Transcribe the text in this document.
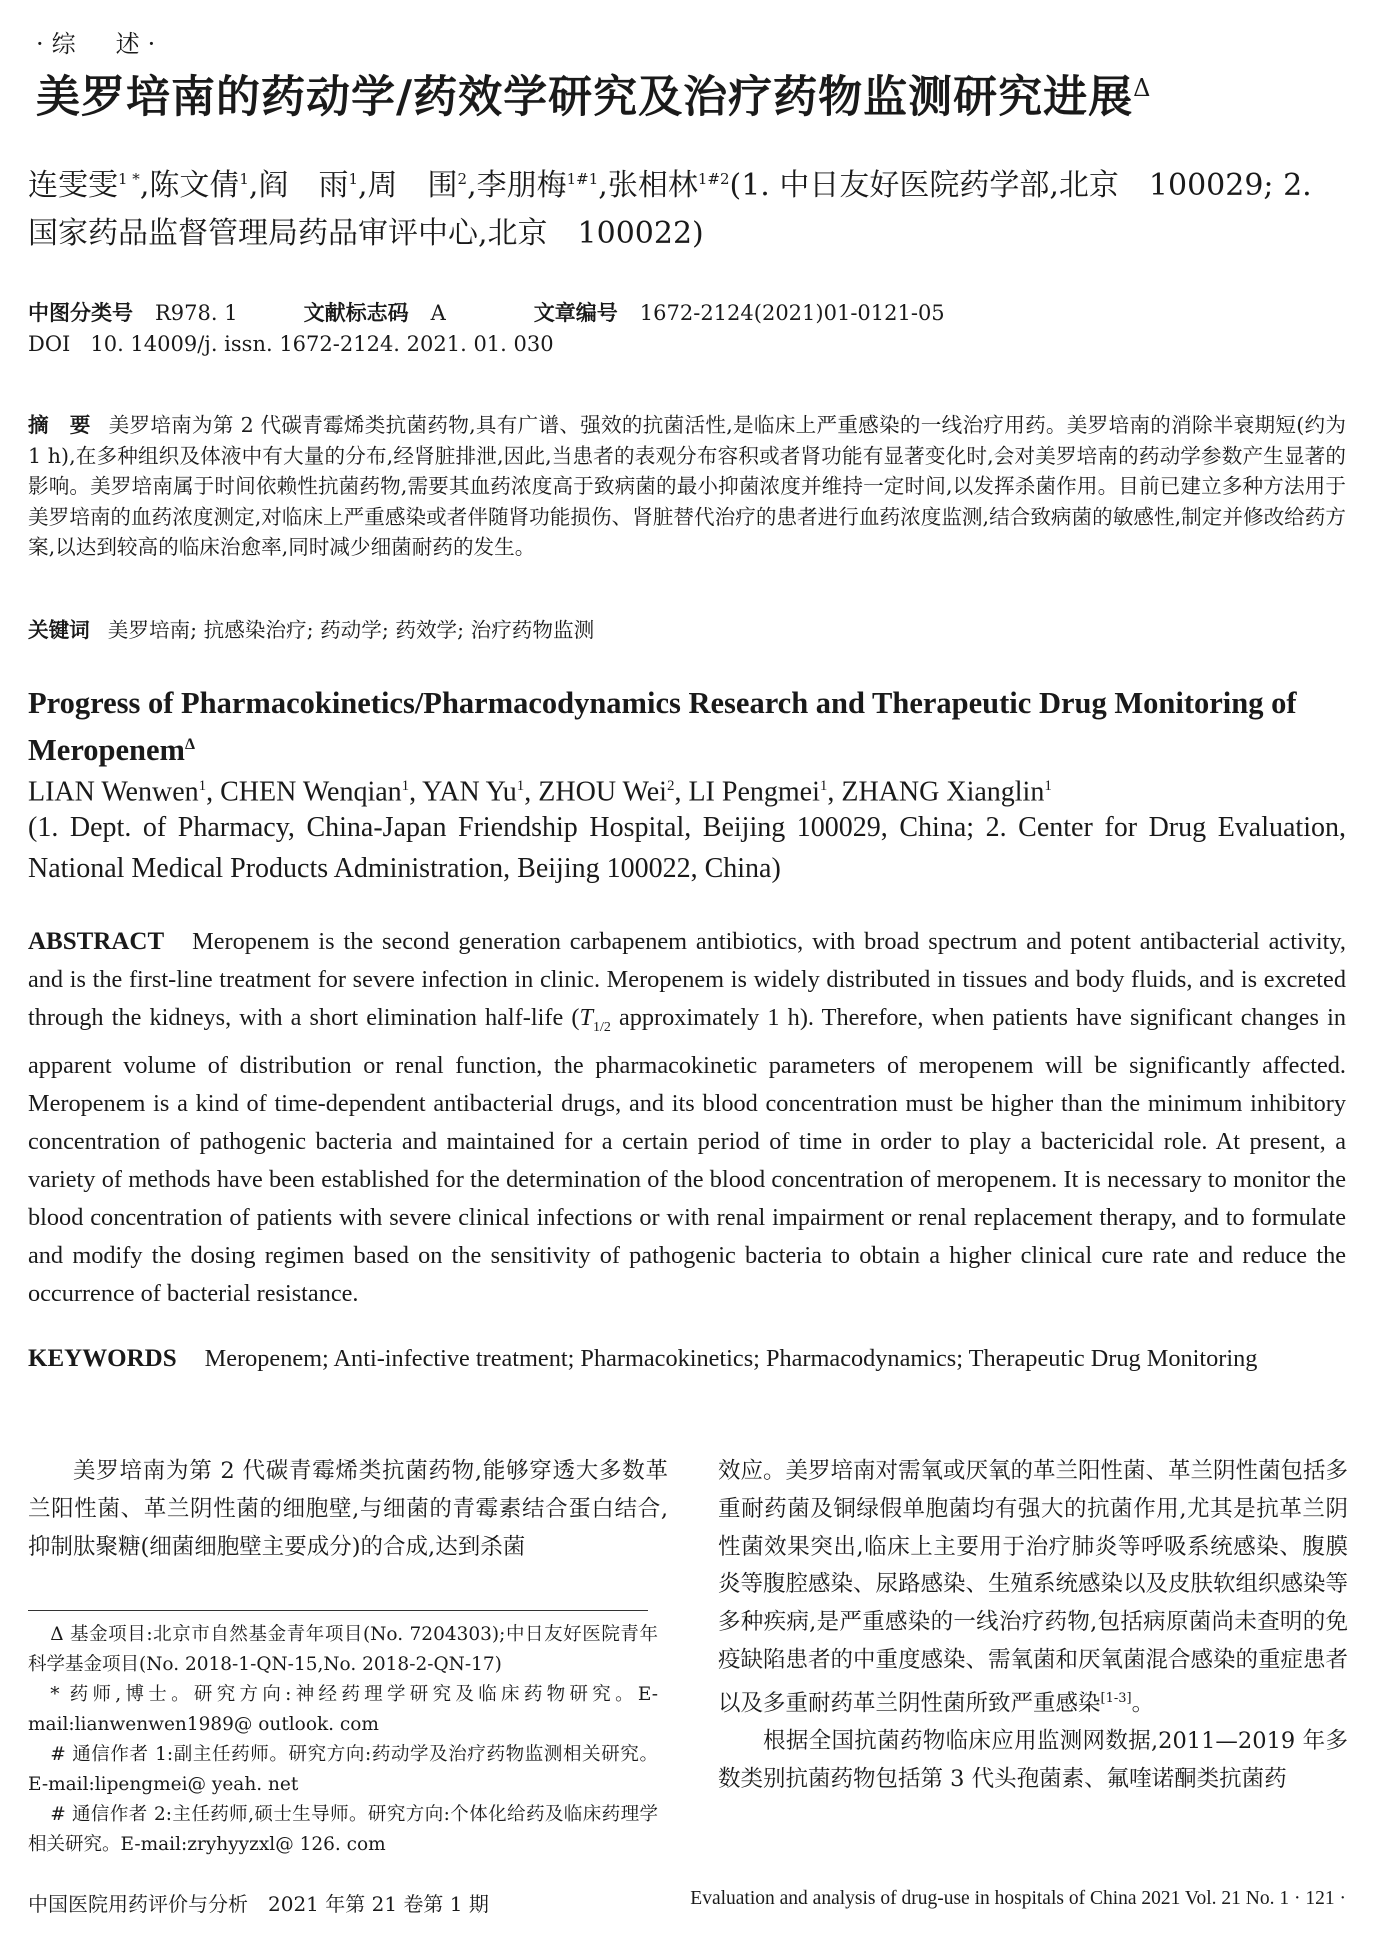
·综　述·
美罗培南的药动学/药效学研究及治疗药物监测研究进展$^\Delta$
连雯雯$^{1 *}$,陈文倩$^1$,阎　雨$^1$,周　围$^2$,李朋梅$^{1\#1}$,张相林$^{1\#2}$(1. 中日友好医院药学部,北京　100029; 2. 国家药品监督管理局药品审评中心,北京　100022)
中图分类号 R978. 1	文献标志码 A	文章编号 1672-2124(2021)01-0121-05
DOI 10. 14009/j. issn. 1672-2124. 2021. 01. 030
摘　要 美罗培南为第 2 代碳青霉烯类抗菌药物,具有广谱、强效的抗菌活性,是临床上严重感染的一线治疗用药。美罗培南的消除半衰期短(约为 1 h),在多种组织及体液中有大量的分布,经肾脏排泄,因此,当患者的表观分布容积或者肾功能有显著变化时,会对美罗培南的药动学参数产生显著的影响。美罗培南属于时间依赖性抗菌药物,需要其血药浓度高于致病菌的最小抑菌浓度并维持一定时间,以发挥杀菌作用。目前已建立多种方法用于美罗培南的血药浓度测定,对临床上严重感染或者伴随肾功能损伤、肾脏替代治疗的患者进行血药浓度监测,结合致病菌的敏感性,制定并修改给药方案,以达到较高的临床治愈率,同时减少细菌耐药的发生。
关键词 美罗培南; 抗感染治疗; 药动学; 药效学; 治疗药物监测
Progress of Pharmacokinetics/Pharmacodynamics Research and Therapeutic Drug Monitoring of Meropenem$^\Delta$
LIAN Wenwen$^1$, CHEN Wenqian$^1$, YAN Yu$^1$, ZHOU Wei$^2$, LI Pengmei$^1$, ZHANG Xianglin$^1$
(1. Dept. of Pharmacy, China-Japan Friendship Hospital, Beijing 100029, China; 2. Center for Drug Evaluation, National Medical Products Administration, Beijing 100022, China)
ABSTRACT Meropenem is the second generation carbapenem antibiotics, with broad spectrum and potent antibacterial activity, and is the first-line treatment for severe infection in clinic. Meropenem is widely distributed in tissues and body fluids, and is excreted through the kidneys, with a short elimination half-life ($T_{1/2}$ approximately 1 h). Therefore, when patients have significant changes in apparent volume of distribution or renal function, the pharmacokinetic parameters of meropenem will be significantly affected. Meropenem is a kind of time-dependent antibacterial drugs, and its blood concentration must be higher than the minimum inhibitory concentration of pathogenic bacteria and maintained for a certain period of time in order to play a bactericidal role. At present, a variety of methods have been established for the determination of the blood concentration of meropenem. It is necessary to monitor the blood concentration of patients with severe clinical infections or with renal impairment or renal replacement therapy, and to formulate and modify the dosing regimen based on the sensitivity of pathogenic bacteria to obtain a higher clinical cure rate and reduce the occurrence of bacterial resistance.
KEYWORDS Meropenem; Anti-infective treatment; Pharmacokinetics; Pharmacodynamics; Therapeutic Drug Monitoring

美罗培南为第 2 代碳青霉烯类抗菌药物,能够穿透大多数革兰阳性菌、革兰阴性菌的细胞壁,与细菌的青霉素结合蛋白结合,抑制肽聚糖(细菌细胞壁主要成分)的合成,达到杀菌

Δ 基金项目:北京市自然基金青年项目(No. 7204303);中日友好医院青年科学基金项目(No. 2018-1-QN-15,No. 2018-2-QN-17)

* 药师,博士。研究方向:神经药理学研究及临床药物研究。E-mail:lianwenwen1989@ outlook. com

# 通信作者 1:副主任药师。研究方向:药动学及治疗药物监测相关研究。E-mail:lipengmei@ yeah. net

# 通信作者 2:主任药师,硕士生导师。研究方向:个体化给药及临床药理学相关研究。E-mail:zryhyyzxl@ 126. com

效应。美罗培南对需氧或厌氧的革兰阳性菌、革兰阴性菌包括多重耐药菌及铜绿假单胞菌均有强大的抗菌作用,尤其是抗革兰阴性菌效果突出,临床上主要用于治疗肺炎等呼吸系统感染、腹膜炎等腹腔感染、尿路感染、生殖系统感染以及皮肤软组织感染等多种疾病,是严重感染的一线治疗药物,包括病原菌尚未查明的免疫缺陷患者的中重度感染、需氧菌和厌氧菌混合感染的重症患者以及多重耐药革兰阴性菌所致严重感染[1-3]。

根据全国抗菌药物临床应用监测网数据,2011—2019 年多数类别抗菌药物包括第 3 代头孢菌素、氟喹诺酮类抗菌药

中国医院用药评价与分析　2021 年第 21 卷第 1 期	Evaluation and analysis of drug-use in hospitals of China 2021 Vol. 21 No. 1 · 121 ·
